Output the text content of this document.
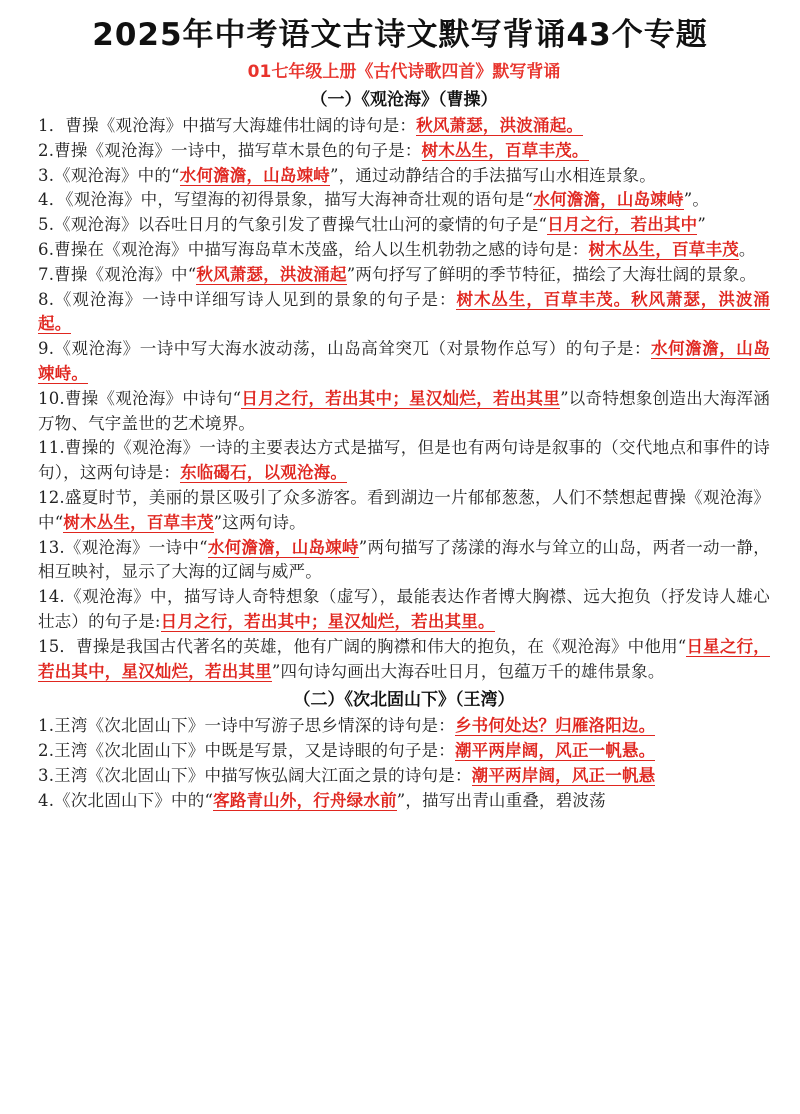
2025年中考语文古诗文默写背诵43个专题
01七年级上册《古代诗歌四首》默写背诵
（一）《观沧海》（曹操）

1．曹操《观沧海》中描写大海雄伟壮阔的诗句是：秋风萧瑟，洪波涌起。

2.曹操《观沧海》一诗中，描写草木景色的句子是：树木丛生，百草丰茂。

3.《观沧海》中的“水何澹澹，山岛竦峙”，通过动静结合的手法描写山水相连景象。

4．《观沧海》中，写望海的初得景象，描写大海神奇壮观的语句是“水何澹澹，山岛竦峙”。

5.《观沧海》以吞吐日月的气象引发了曹操气壮山河的豪情的句子是“日月之行，若出其中”

6.曹操在《观沧海》中描写海岛草木茂盛，给人以生机勃勃之感的诗句是：树木丛生，百草丰茂。

7.曹操《观沧海》中“秋风萧瑟，洪波涌起”两句抒写了鲜明的季节特征，描绘了大海壮阔的景象。

8.《观沧海》一诗中详细写诗人见到的景象的句子是：树木丛生，百草丰茂。秋风萧瑟，洪波涌起。

9.《观沧海》一诗中写大海水波动荡，山岛高耸突兀（对景物作总写）的句子是：水何澹澹，山岛竦峙。

10.曹操《观沧海》中诗句“日月之行，若出其中；星汉灿烂，若出其里”以奇特想象创造出大海浑涵万物、气宇盖世的艺术境界。

11.曹操的《观沧海》一诗的主要表达方式是描写，但是也有两句诗是叙事的（交代地点和事件的诗句），这两句诗是：东临碣石，以观沧海。

12.盛夏时节，美丽的景区吸引了众多游客。看到湖边一片郁郁葱葱，人们不禁想起曹操《观沧海》中“树木丛生，百草丰茂”这两句诗。

13.《观沧海》一诗中“水何澹澹，山岛竦峙”两句描写了荡漾的海水与耸立的山岛，两者一动一静，相互映衬，显示了大海的辽阔与威严。

14.《观沧海》中，描写诗人奇特想象（虚写），最能表达作者博大胸襟、远大抱负（抒发诗人雄心壮志）的句子是:日月之行，若出其中；星汉灿烂，若出其里。

15．曹操是我国古代著名的英雄，他有广阔的胸襟和伟大的抱负，在《观沧海》中他用“日星之行，若出其中，星汉灿烂，若出其里”四句诗勾画出大海吞吐日月，包蕴万千的雄伟景象。

（二）《次北固山下》（王湾）

1.王湾《次北固山下》一诗中写游子思乡情深的诗句是：乡书何处达？归雁洛阳边。

2.王湾《次北固山下》中既是写景，又是诗眼的句子是：潮平两岸阔，风正一帆悬。

3.王湾《次北固山下》中描写恢弘阔大江面之景的诗句是：潮平两岸阔，风正一帆悬

4.《次北固山下》中的“客路青山外，行舟绿水前”，描写出青山重叠，碧波荡
